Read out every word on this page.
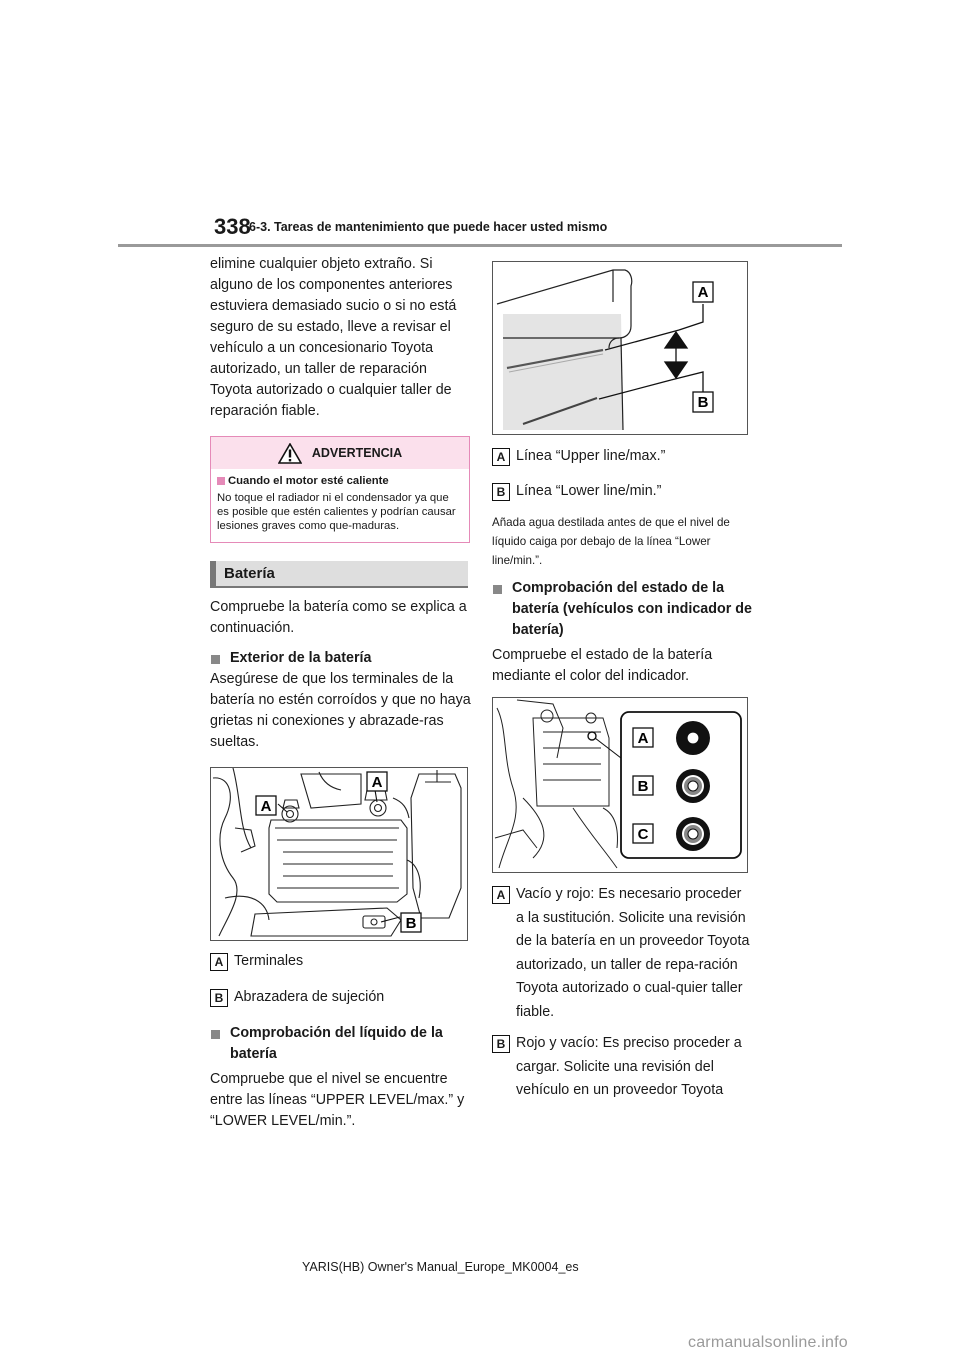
338
6-3. Tareas de mantenimiento que puede hacer usted mismo

elimine cualquier objeto extraño. Si alguno de los componentes anteriores estuviera demasiado sucio o si no está seguro de su estado, lleve a revisar el vehículo a un concesionario Toyota autorizado, un taller de reparación Toyota autorizado o cualquier taller de reparación fiable.

ADVERTENCIA
Cuando el motor esté caliente
No toque el radiador ni el condensador ya que es posible que estén calientes y podrían causar lesiones graves como que-maduras.
Batería

Compruebe la batería como se explica a continuación.

Exterior de la batería

Asegúrese de que los terminales de la batería no estén corroídos y que no haya grietas ni conexiones y abrazade-ras sueltas.

A
A
B
A Terminales
B Abrazadera de sujeción
Comprobación del líquido de la batería

Compruebe que el nivel se encuentre entre las líneas “UPPER LEVEL/max.” y “LOWER LEVEL/min.”.

A
B
A Línea “Upper line/max.”
B Línea “Lower line/min.”

Añada agua destilada antes de que el nivel de líquido caiga por debajo de la línea “Lower line/min.”.

Comprobación del estado de la batería (vehículos con indicador de batería)

Compruebe el estado de la batería mediante el color del indicador.

A
B
C
A Vacío y rojo: Es necesario proceder a la sustitución. Solicite una revisión de la batería en un proveedor Toyota autorizado, un taller de repa-ración Toyota autorizado o cual-quier taller fiable.
B Rojo y vacío: Es preciso proceder a cargar. Solicite una revisión del vehículo en un proveedor Toyota
YARIS(HB) Owner's Manual_Europe_MK0004_es
carmanualsonline.info
